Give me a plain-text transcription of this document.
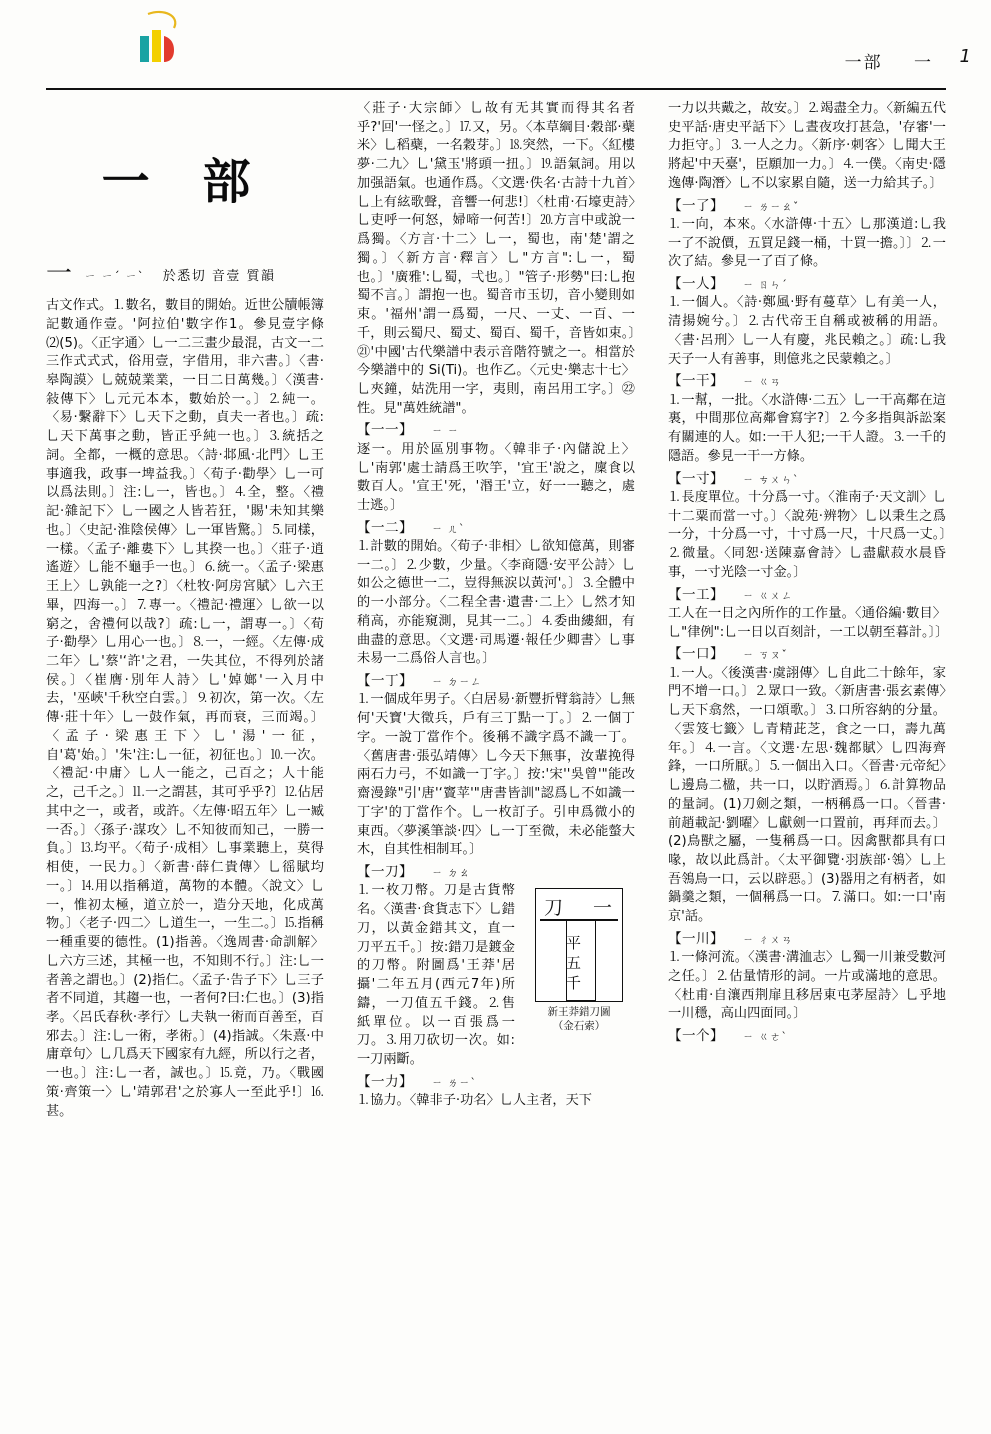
一部 一 1
一 部
一 ㄧ ㄧˊ ㄧˋ 於悉切 音壹 質韻
古文作式。⒈數名，數目的開始。近世公牘帳簿記數通作壹。'阿拉伯'數字作1。參見壹字條⑵(5)。〈正字通〉乚一二三畫少最混，古文一二三作式式式，俗用壹，字借用，非六書。〕〈書‧皋陶謨〉乚兢兢業業，一日二日萬幾。〕〈漢書‧敍傳下〉乚元元本本，數始於一。〕⒉純一。〈易‧繫辭下〉乚天下之動，貞夫一者也。〕疏:乚天下萬事之動，皆正乎純一也。〕⒊統括之詞。全都，一概的意思。〈詩‧邶風‧北門〉乚王事適我，政事一埤益我。〕〈荀子‧勸學〉乚一可以爲法則。〕注:乚一，皆也。〕⒋全，整。〈禮記‧雜記下〉乚一國之人皆若狂，'賜'未知其樂也。〕〈史記‧淮陰侯傳〉乚一軍皆驚。〕⒌同樣，一樣。〈孟子‧離婁下〉乚其揆一也。〕〈莊子‧逍遙遊〉乚能不龜手一也。〕⒍統一。〈孟子‧梁惠王上〉乚孰能一之?〕〈杜牧‧阿房宮賦〉乚六王畢，四海一。〕⒎專一。〈禮記‧禮運〉乚欲一以窮之，舍禮何以哉?〕疏:乚一，謂專一。〕〈荀子‧勸學〉乚用心一也。〕⒏一，一經。〈左傳‧成二年〉乚'蔡'‘許'之君，一失其位，不得列於諸侯。〕〈崔膺‧別年人詩〉乚'婥嫏'一入月中去，'巫峽'千秋空白雲。〕⒐初次，第一次。〈左傳‧莊十年〉乚一鼓作氣，再而衰，三而竭。〕〈孟子‧梁惠王下〉乚'湯'一征，自'葛'始。〕'朱'注:乚一征，初征也。〕⒑一次。〈禮記‧中庸〉乚人一能之，己百之；人十能之，己千之。〕⒒一之謂甚，其可乎乎?〕⒓佔居其中之一，或者，或許。〈左傳‧昭五年〉乚一臧一否。〕〈孫子‧謀攻〉乚不知彼而知己，一勝一負。〕⒔均平。〈荀子‧成相〉乚事業聽上，莫得相使，一民力。〕〈新書‧薛仁貴傳〉乚徭賦均一。〕⒕用以指稱道，萬物的本體。〈說文〉乚一，惟初太極，道立於一，造分天地，化成萬物。〕〈老子‧四二〉乚道生一，一生二。〕⒖指稱一種重要的德性。(1)指善。〈逸周書‧命訓解〉乚六方三述，其極一也，不知則不行。〕注:乚一者善之謂也。〕(2)指仁。〈孟子‧告子下〉乚三子者不同道，其趨一也，一者何?曰:仁也。〕(3)指孝。〈呂氏春秋‧孝行〉乚夫執一術而百善至，百邪去。〕注:乚一術，孝術。〕(4)指誠。〈朱熹‧中庸章句〉乚几爲天下國家有九經，所以行之者，一也。〕注:乚一者，誠也。〕⒖竟，乃。〈戰國策‧齊策一〉乚'靖郭君'之於寡人一至此乎!〕⒗甚。
〈莊子‧大宗師〉乚故有无其實而得其名者乎?'回'一怪之。〕⒘又，另。〈本草綱目‧穀部‧蘗米〉乚稻蘗，一名穀芽。〕⒙突然，一下。〈紅樓夢‧二九〉乚'黛玉'將頭一扭。〕⒚語氣詞。用以加强語氣。也通作爲。〈文選‧佚名‧古詩十九首〉乚上有絃歌聲，音響一何悲!〕〈杜甫‧石壕吏詩〉乚吏呼一何怒，婦啼一何苦!〕⒛方言中或說一爲獨。〈方言‧十二〉乚一，蜀也，南'楚'謂之獨。〕〈新方言‧釋言〉乚"方言":乚一，蜀也。〕'廣雅':乚蜀，弌也。〕"管子‧形勢"曰:乚抱蜀不言。〕謂抱一也。蜀音市玉切，音小變則如束。'福州'謂一爲蜀，一尺、一丈、一百、一千，則云蜀尺、蜀丈、蜀百、蜀千，音皆如束。〕㉑'中國'古代樂譜中表示音階符號之一。相當於今樂譜中的 Si(Ti)。也作乙。〈元史‧樂志十七〉乚夾鐘，姑洗用一字，夷則，南呂用工字。〕㉒性。見"萬姓統譜"。
【一一】 ㄧ ㄧ
逐一。用於區別事物。〈韓非子‧內儲說上〉乚'南郭'處士請爲王吹竽，'宜王'說之，廩食以數百人。'宣王'死，'湣王'立，好一一聽之，處士逃。〕
【一二】 ㄧ ㄦˋ
⒈計數的開始。〈荀子‧非相〉乚欲知億萬，則審一二。〕⒉少數，少量。〈李商隱‧安平公詩〉乚如公之德世一二，豈得無涙以黃河'。〕⒊全體中的一小部分。〈二程全書‧遺書‧二上〉乚然才知稍高，亦能窺測，見其一二。〕⒋委曲縷細，有曲盡的意思。〈文選‧司馬遷‧報任少卿書〉乚事未易一二爲俗人言也。〕
【一丁】 ㄧ ㄉㄧㄥ
⒈一個成年男子。〈白居易‧新豐折臂翁詩〉乚無何'天寶'大徵兵，戶有三丁點一丁。〕⒉一個丁字。一說丁當作个。後稱不識字爲不識一丁。〈舊唐書‧張弘靖傳〉乚今天下無事，汝輩挽得兩石力弓，不如識一丁字。〕按:'宋''吳曾'"能改齋漫錄"引'唐'‘竇苹'"唐書皆訓"認爲乚不如識一丁字'的丁當作个。乚一枚訂子。引申爲微小的東西。〈夢溪筆談‧四〉乚一丁至微，未必能螫大木，自其性相制耳。〕
【一刀】 ㄧ ㄉㄠ
刀 一
平
五
千
新王莽錯刀圖
（金石索）
⒈一枚刀幣。刀是古貨幣名。〈漢書‧食貨志下〉乚錯刀，以黃金錯其文，直一刀平五千。〕按:錯刀是鍍金的刀幣。附圖爲'王莽'居攝'二年五月(西元7年)所鑄，一刀值五千錢。⒉售紙單位。以一百張爲一刀。⒊用刀砍切一次。如:一刀兩斷。
【一力】 ㄧ ㄌㄧˋ
⒈協力。〈韓非子‧功名〉乚人主者，天下
一力以共戴之，故安。〕⒉竭盡全力。〈新編五代史平話‧唐史平話下〉乚晝夜攻打甚急，'存審'一力拒守。〕⒊一人之力。〈新序‧刺客〉乚聞大王將起'中天臺'，臣願加一力。〕⒋一僕。〈南史‧隱逸傳‧陶潛〉乚不以家累自隨，送一力給其子。〕
【一了】 ㄧ ㄌㄧㄠˇ
⒈一向，本來。〈水滸傳‧十五〉乚那漢道:乚我一了不說價，五買足錢一桶，十買一擔。〕〕⒉一次了結。參見一了百了條。
【一人】 ㄧ ㄖㄣˊ
⒈一個人。〈詩‧鄭風‧野有蔓草〉乚有美一人，清揚婉兮。〕⒉古代帝王自稱或被稱的用語。〈書‧呂刑〉乚一人有慶，兆民賴之。〕疏:乚我天子一人有善事，則億兆之民蒙賴之。〕
【一干】 ㄧ ㄍㄢ
⒈一幫，一批。〈水滸傳‧二五〉乚一干高鄰在這裏，中間那位高鄰會寫字?〕⒉今多指與訴訟案有關連的人。如:一干人犯;一干人證。⒊一千的隱語。參見一干一方條。
【一寸】 ㄧ ㄘㄨㄣˋ
⒈長度單位。十分爲一寸。〈淮南子‧天文訓〉乚十二粟而當一寸。〕〈說苑‧辨物〉乚以秉生之爲一分，十分爲一寸，十寸爲一尺，十尺爲一丈。〕⒉微量。〈同恕‧送陳嘉會詩〉乚盡獻菽水晨昏事，一寸光陰一寸金。〕
【一工】 ㄧ ㄍㄨㄥ
工人在一日之內所作的工作量。〈通俗編‧數目〉乚"律例":乚一日以百刻計，一工以朝至暮計。〕〕
【一口】 ㄧ ㄎㄡˇ
⒈一人。〈後漢書‧虞詡傳〉乚自此二十餘年，家門不增一口。〕⒉眾口一致。〈新唐書‧張玄素傳〉乚天下翕然，一口頌歌。〕⒊口所容納的分量。〈雲笈七籤〉乚青精茈芝，食之一口，壽九萬年。〕⒋一言。〈文選‧左思‧魏都賦〉乚四海齊鋒，一口所厭。〕⒌一個出入口。〈晉書‧元帝紀〉乚邊鳥二楹，共一口，以貯酒焉。〕⒍計算物品的量詞。(1)刀劍之類，一柄稱爲一口。〈晉書‧前趙載記‧劉曜〉乚獻劍一口置前，再拜而去。〕(2)鳥獸之屬，一隻稱爲一口。因禽獸都具有口喙，故以此爲計。〈太平御覽‧羽族部‧鴒〉乚上吾鴒鳥一口，云以辟惡。〕(3)器用之有柄者，如鍋羹之類，一個稱爲一口。⒎滿口。如:一口'南京'話。
【一川】 ㄧ ㄔㄨㄢ
⒈一條河流。〈漢書‧溝洫志〉乚獨一川兼受數河之任。〕⒉估量情形的詞。一片或滿地的意思。〈杜甫‧自瀼西荆扉且移居東屯茅屋詩〉乚乎地一川穩，高山四面同。〕
【一个】 ㄧ ㄍㄜˋ
